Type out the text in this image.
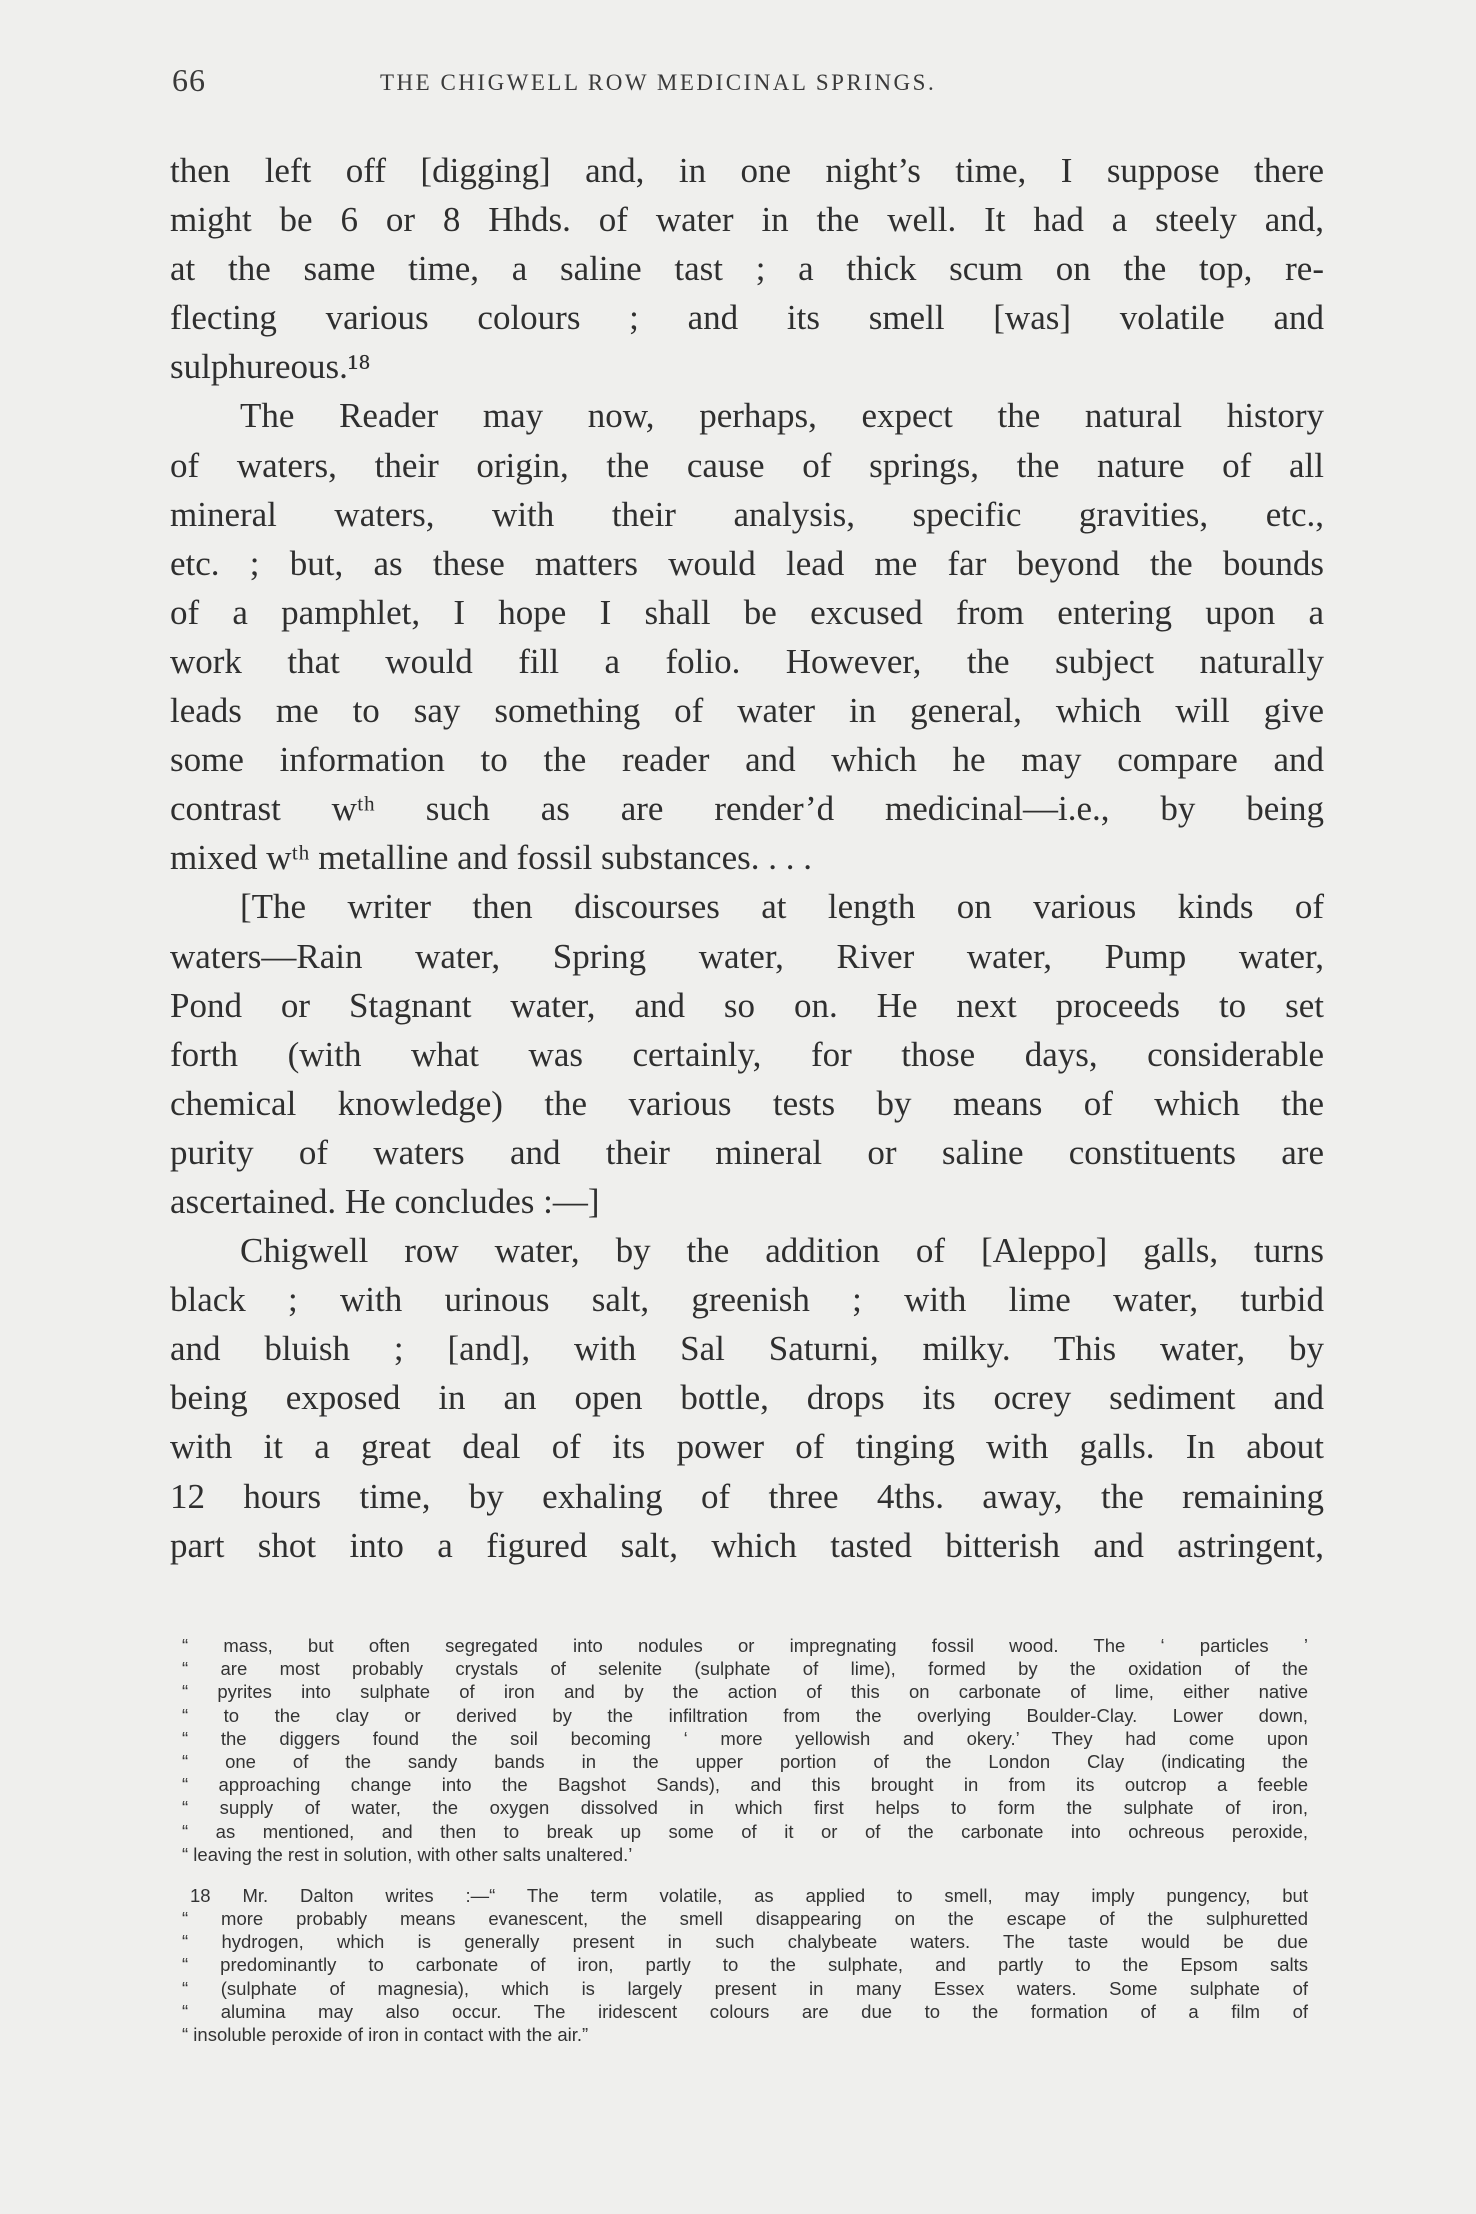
66	THE CHIGWELL ROW MEDICINAL SPRINGS.
then left off [digging] and, in one night’s time, I suppose there
might be 6 or 8 Hhds. of water in the well. It had a steely and,
at the same time, a saline tast ; a thick scum on the top, re-
flecting various colours ; and its smell [was] volatile and
sulphureous.¹⁸
The Reader may now, perhaps, expect the natural history
of waters, their origin, the cause of springs, the nature of all
mineral waters, with their analysis, specific gravities, etc.,
etc. ; but, as these matters would lead me far beyond the bounds
of a pamphlet, I hope I shall be excused from entering upon a
work that would fill a folio. However, the subject naturally
leads me to say something of water in general, which will give
some information to the reader and which he may compare and
contrast wᵗʰ such as are render’d medicinal—i.e., by being
mixed wᵗʰ metalline and fossil substances. . . .
[The writer then discourses at length on various kinds of
waters—Rain water, Spring water, River water, Pump water,
Pond or Stagnant water, and so on. He next proceeds to set
forth (with what was certainly, for those days, considerable
chemical knowledge) the various tests by means of which the
purity of waters and their mineral or saline constituents are
ascertained. He concludes :—]
Chigwell row water, by the addition of [Aleppo] galls, turns
black ; with urinous salt, greenish ; with lime water, turbid
and bluish ; [and], with Sal Saturni, milky. This water, by
being exposed in an open bottle, drops its ocrey sediment and
with it a great deal of its power of tinging with galls. In about
12 hours time, by exhaling of three 4ths. away, the remaining
part shot into a figured salt, which tasted bitterish and astringent,
“ mass, but often segregated into nodules or impregnating fossil wood. The ‘ particles ’
“ are most probably crystals of selenite (sulphate of lime), formed by the oxidation of the
“ pyrites into sulphate of iron and by the action of this on carbonate of lime, either native
“ to the clay or derived by the infiltration from the overlying Boulder-Clay. Lower down,
“ the diggers found the soil becoming ‘ more yellowish and okery.’ They had come upon
“ one of the sandy bands in the upper portion of the London Clay (indicating the
“ approaching change into the Bagshot Sands), and this brought in from its outcrop a feeble
“ supply of water, the oxygen dissolved in which first helps to form the sulphate of iron,
“ as mentioned, and then to break up some of it or of the carbonate into ochreous peroxide,
“ leaving the rest in solution, with other salts unaltered.’
18 Mr. Dalton writes :—“ The term volatile, as applied to smell, may imply pungency, but
“ more probably means evanescent, the smell disappearing on the escape of the sulphuretted
“ hydrogen, which is generally present in such chalybeate waters. The taste would be due
“ predominantly to carbonate of iron, partly to the sulphate, and partly to the Epsom salts
“ (sulphate of magnesia), which is largely present in many Essex waters. Some sulphate of
“ alumina may also occur. The iridescent colours are due to the formation of a film of
“ insoluble peroxide of iron in contact with the air.”
